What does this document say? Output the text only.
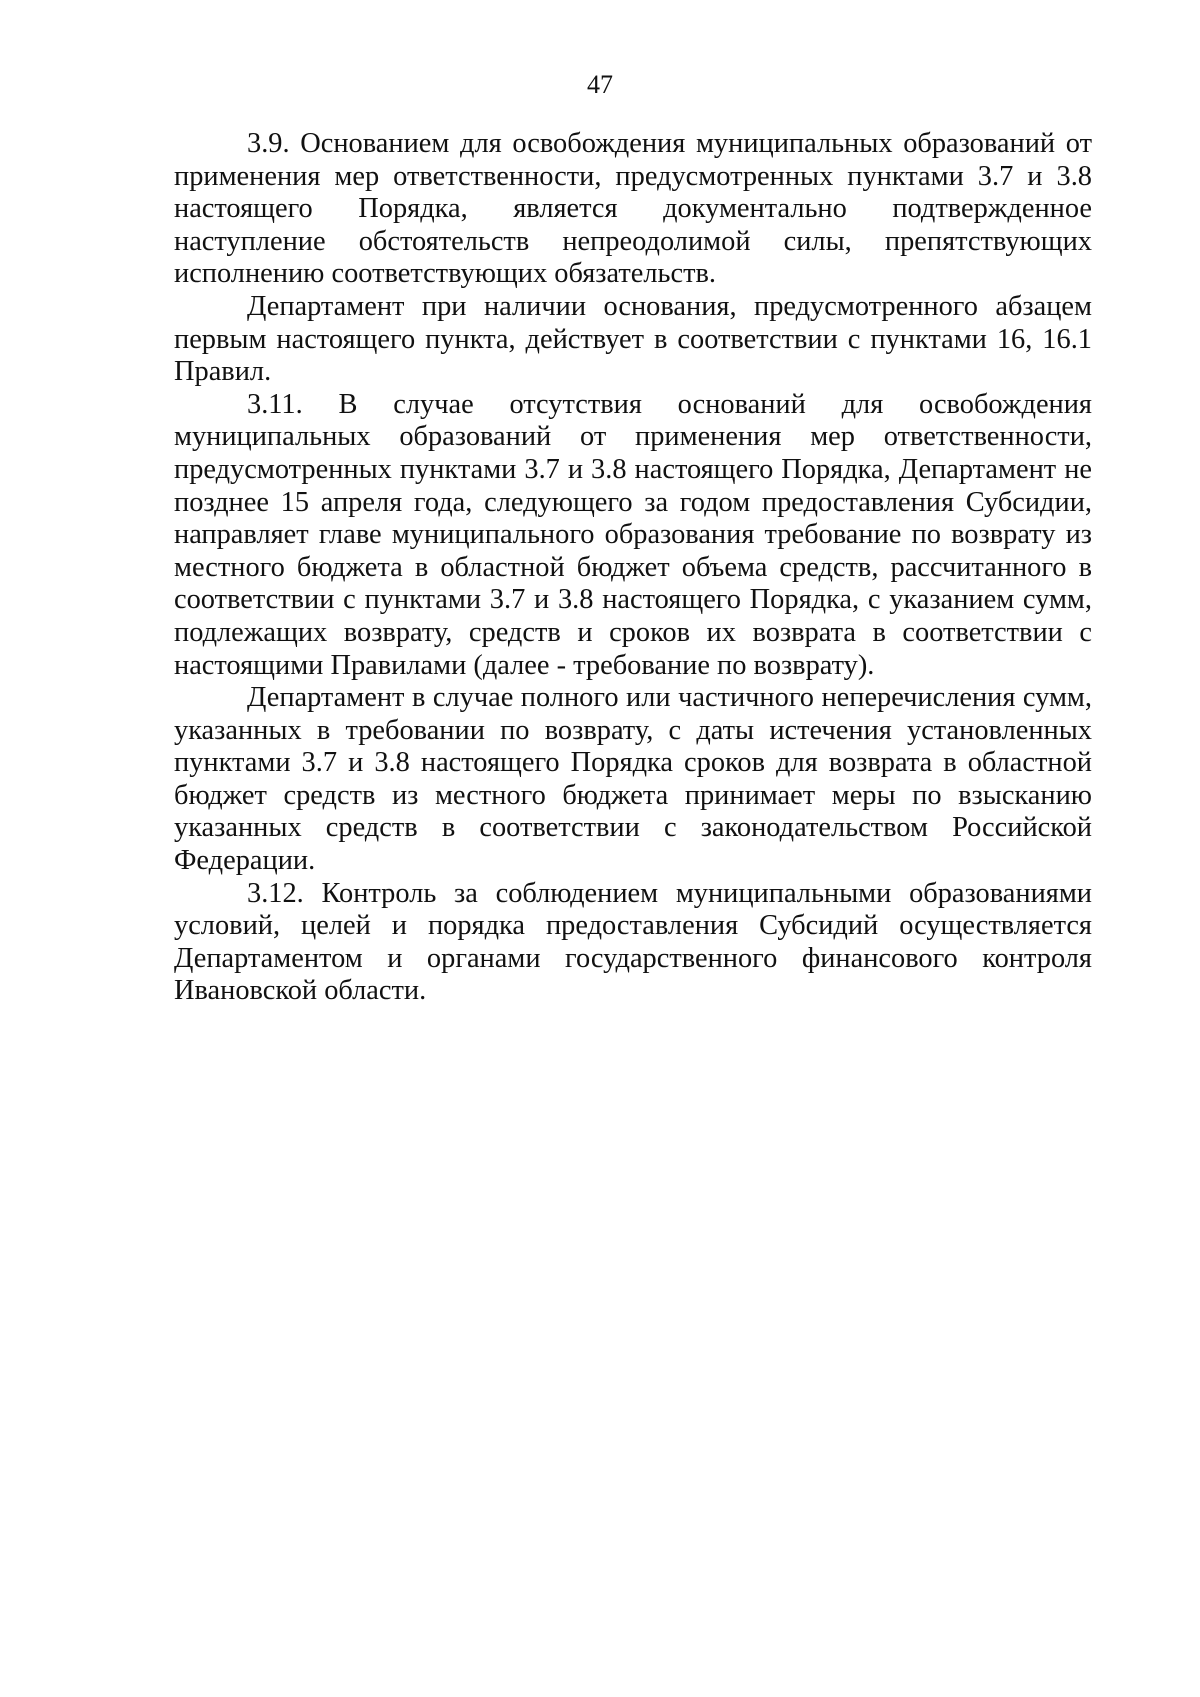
47

3.9. Основанием для освобождения муниципальных образований от применения мер ответственности, предусмотренных пунктами 3.7 и 3.8 настоящего Порядка, является документально подтвержденное наступление обстоятельств непреодолимой силы, препятствующих исполнению соответствующих обязательств.

Департамент при наличии основания, предусмотренного абзацем первым настоящего пункта, действует в соответствии с пунктами 16, 16.1 Правил.

3.11. В случае отсутствия оснований для освобождения муниципальных образований от применения мер ответственности, предусмотренных пунктами 3.7 и 3.8 настоящего Порядка, Департамент не позднее 15 апреля года, следующего за годом предоставления Субсидии, направляет главе муниципального образования требование по возврату из местного бюджета в областной бюджет объема средств, рассчитанного в соответствии с пунктами 3.7 и 3.8 настоящего Порядка, с указанием сумм, подлежащих возврату, средств и сроков их возврата в соответствии с настоящими Правилами (далее - требование по возврату).

Департамент в случае полного или частичного неперечисления сумм, указанных в требовании по возврату, с даты истечения установленных пунктами 3.7 и 3.8 настоящего Порядка сроков для возврата в областной бюджет средств из местного бюджета принимает меры по взысканию указанных средств в соответствии с законодательством Российской Федерации.

3.12. Контроль за соблюдением муниципальными образованиями условий, целей и порядка предоставления Субсидий осуществляется Департаментом и органами государственного финансового контроля Ивановской области.
